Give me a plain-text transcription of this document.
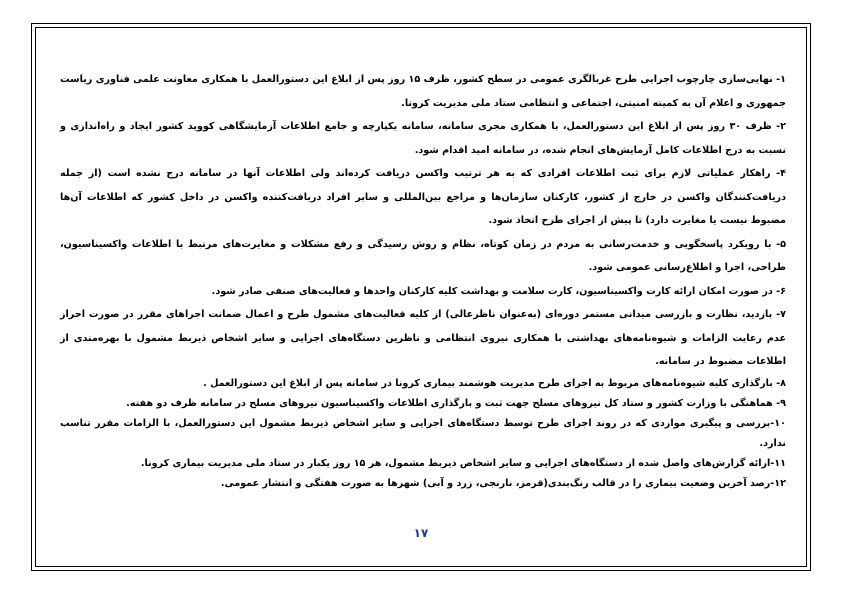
۱- نهایی‌سازی چارچوب اجرایی طرح غربالگری عمومی در سطح کشور، ظرف ۱۵ روز پس از ابلاغ این دستورالعمل با همکاری معاونت علمی فناوری ریاست جمهوری و اعلام آن به کمیته امنیتی، اجتماعی و انتظامی ستاد ملی مدیریت کرونا.

۲- ظرف ۳۰ روز پس از ابلاغ این دستورالعمل، با همکاری مجری سامانه، سامانه یکپارچه و جامع اطلاعات آزمایشگاهی کووید کشور ایجاد و راه‌اندازی و نسبت به درج اطلاعات کامل آزمایش‌های انجام شده، در سامانه امید اقدام شود.

۴- راهکار عملیاتی لازم برای ثبت اطلاعات افرادی که به هر ترتیب واکسن دریافت کرده‌اند ولی اطلاعات آنها در سامانه درج نشده است (از جمله دریافت‌کنندگان واکسن در خارج از کشور، کارکنان سازمان‌ها و مراجع بین‌المللی و سایر افراد دریافت‌کننده واکسن در داخل کشور که اطلاعات آن‌ها مضبوط نیست یا مغایرت دارد) تا پیش از اجرای طرح اتخاذ شود.

۵- با رویکرد پاسخگویی و خدمت‌رسانی به مردم در زمان کوتاه، نظام و روش رسیدگی و رفع مشکلات و مغایرت‌های مرتبط با اطلاعات واکسیناسیون، طراحی، اجرا و اطلاع‌رسانی عمومی شود.

۶- در صورت امکان ارائه کارت واکسیناسیون، کارت سلامت و بهداشت کلیه کارکنان واحدها و فعالیت‌های صنفی صادر شود.

۷- بازدید، نظارت و بازرسی میدانی مستمر دوره‌ای (به‌عنوان ناظرعالی) از کلیه فعالیت‌های مشمول طرح و اعمال ضمانت اجراهای مقرر در صورت احراز عدم رعایت الزامات و شیوه‌نامه‌های بهداشتی با همکاری نیروی انتظامی و ناظرین دستگاه‌های اجرایی و سایر اشخاص ذیربط مشمول با بهره‌مندی از اطلاعات مضبوط در سامانه.

۸- بارگذاری کلیه شیوه‌نامه‌های مربوط به اجرای طرح مدیریت هوشمند بیماری کرونا در سامانه پس از ابلاغ این دستورالعمل .

۹- هماهنگی با وزارت کشور و ستاد کل نیروهای مسلح جهت ثبت و بارگذاری اطلاعات واکسیناسیون نیروهای مسلح در سامانه ظرف دو هفته.

۱۰-بررسی و پیگیری مواردی که در روند اجرای طرح توسط دستگاه‌های اجرایی و سایر اشخاص ذیربط مشمول این دستورالعمل، با الزامات مقرر تناسب ندارد.

۱۱-ارائه گزارش‌های واصل شده از دستگاه‌های اجرایی و سایر اشخاص ذیربط مشمول، هر ۱۵ روز یکبار در ستاد ملی مدیریت بیماری کرونا.

۱۲-رصد آخرین وضعیت بیماری را در قالب رنگ‌بندی(قرمز، نارنجی، زرد و آبی) شهرها به صورت هفتگی و انتشار عمومی.

۱۷
